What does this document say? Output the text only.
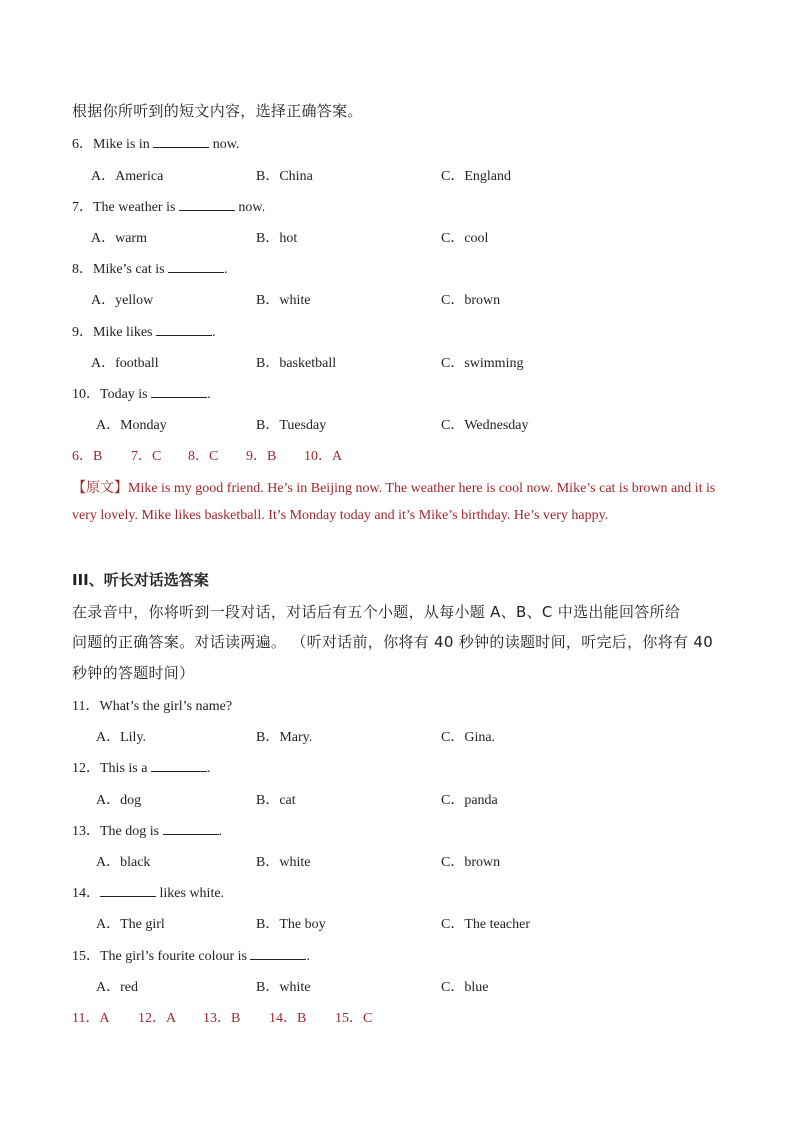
根据你所听到的短文内容，选择正确答案。
6．Mike is in	now.
A．America	B．China	C．England
7．The weather is	now.
A．warm	B．hot	C．cool
8．Mike’s cat is	.
A．yellow	B．white	C．brown
9．Mike likes	.
A．football	B．basketball	C．swimming
10．Today is	.
A．Monday	B．Tuesday	C．Wednesday
6．B 7．C 8．C 9．B 10．A
【原文】Mike is my good friend. He’s in Beijing now. The weather here is cool now. Mike’s cat is brown and it is
very lovely. Mike likes basketball. It’s Monday today and it’s Mike’s birthday. He’s very happy.
III、听长对话选答案
在录音中，你将听到一段对话，对话后有五个小题，从每小题 A、B、C 中选出能回答所给
问题的正确答案。对话读两遍。 （听对话前，你将有 40 秒钟的读题时间，听完后，你将有 40
秒钟的答题时间）
11．What’s the girl’s name?
A．Lily.	B．Mary.	C．Gina.
12．This is a	.
A．dog	B．cat	C．panda
13．The dog is	.
A．black	B．white	C．brown
14．	likes white.
A．The girl	B．The boy	C．The teacher
15．The girl’s fourite colour is	.
A．red	B．white	C．blue
11．A 12．A 13．B 14．B 15．C
